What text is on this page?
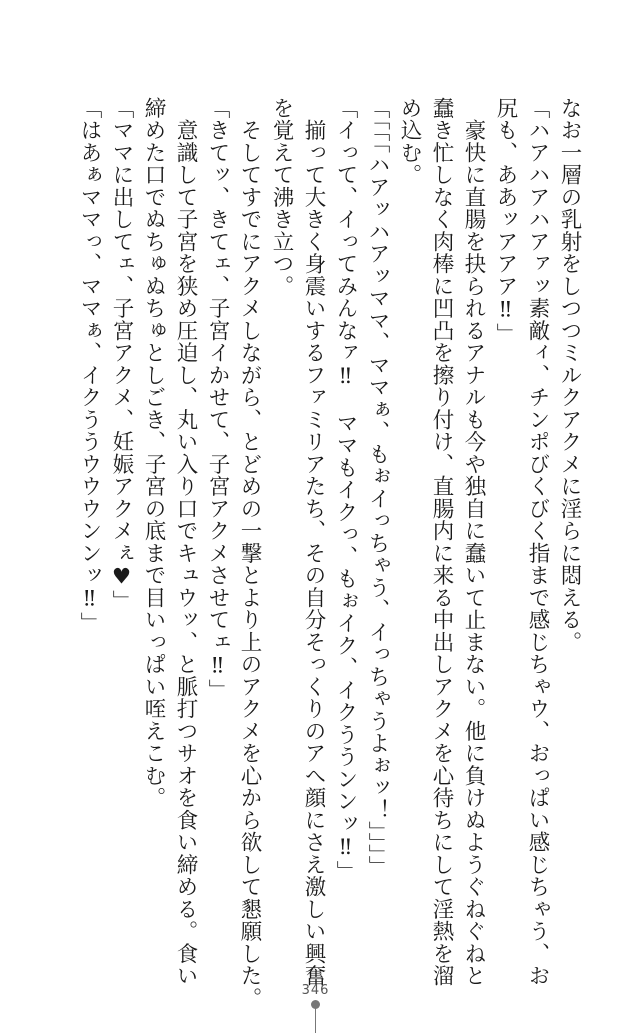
なお一層の乳射をしつつミルクアクメに淫らに悶える。
「ハアハアハアァッ素敵ィ、チンポびくびく指まで感じちゃウ、おっぱい感じちゃう、お
尻も、ああッアアア‼」
　豪快に直腸を抉られるアナルも今や独自に蠢いて止まない。他に負けぬようぐねぐねと
蠢き忙しなく肉棒に凹凸を擦り付け、直腸内に来る中出しアクメを心待ちにして淫熱を溜
め込む。
「「「「ハアッハアッママ、ママぁ、もぉイっちゃう、イっちゃうよぉッ！」」」」
「イって、イってみんなァ‼　ママもイクっ、もぉイク、イクううンンッ‼」
　揃って大きく身震いするファミリアたち、その自分そっくりのアへ顔にさえ激しい興奮
を覚えて沸き立つ。
　そしてすでにアクメしながら、とどめの一撃とより上のアクメを心から欲して懇願した。
「きてッ、きてェ、子宮イかせて、子宮アクメさせてェ‼」
　意識して子宮を狭め圧迫し、丸い入り口でキュウッ、と脈打つサオを食い締める。食い
締めた口でぬちゅぬちゅとしごき、子宮の底まで目いっぱい咥えこむ。
「ママに出してェ、子宮アクメ、妊娠アクメぇ♥」
「はあぁママっ、ママぁ、イクううウウウンンッ‼」
346
